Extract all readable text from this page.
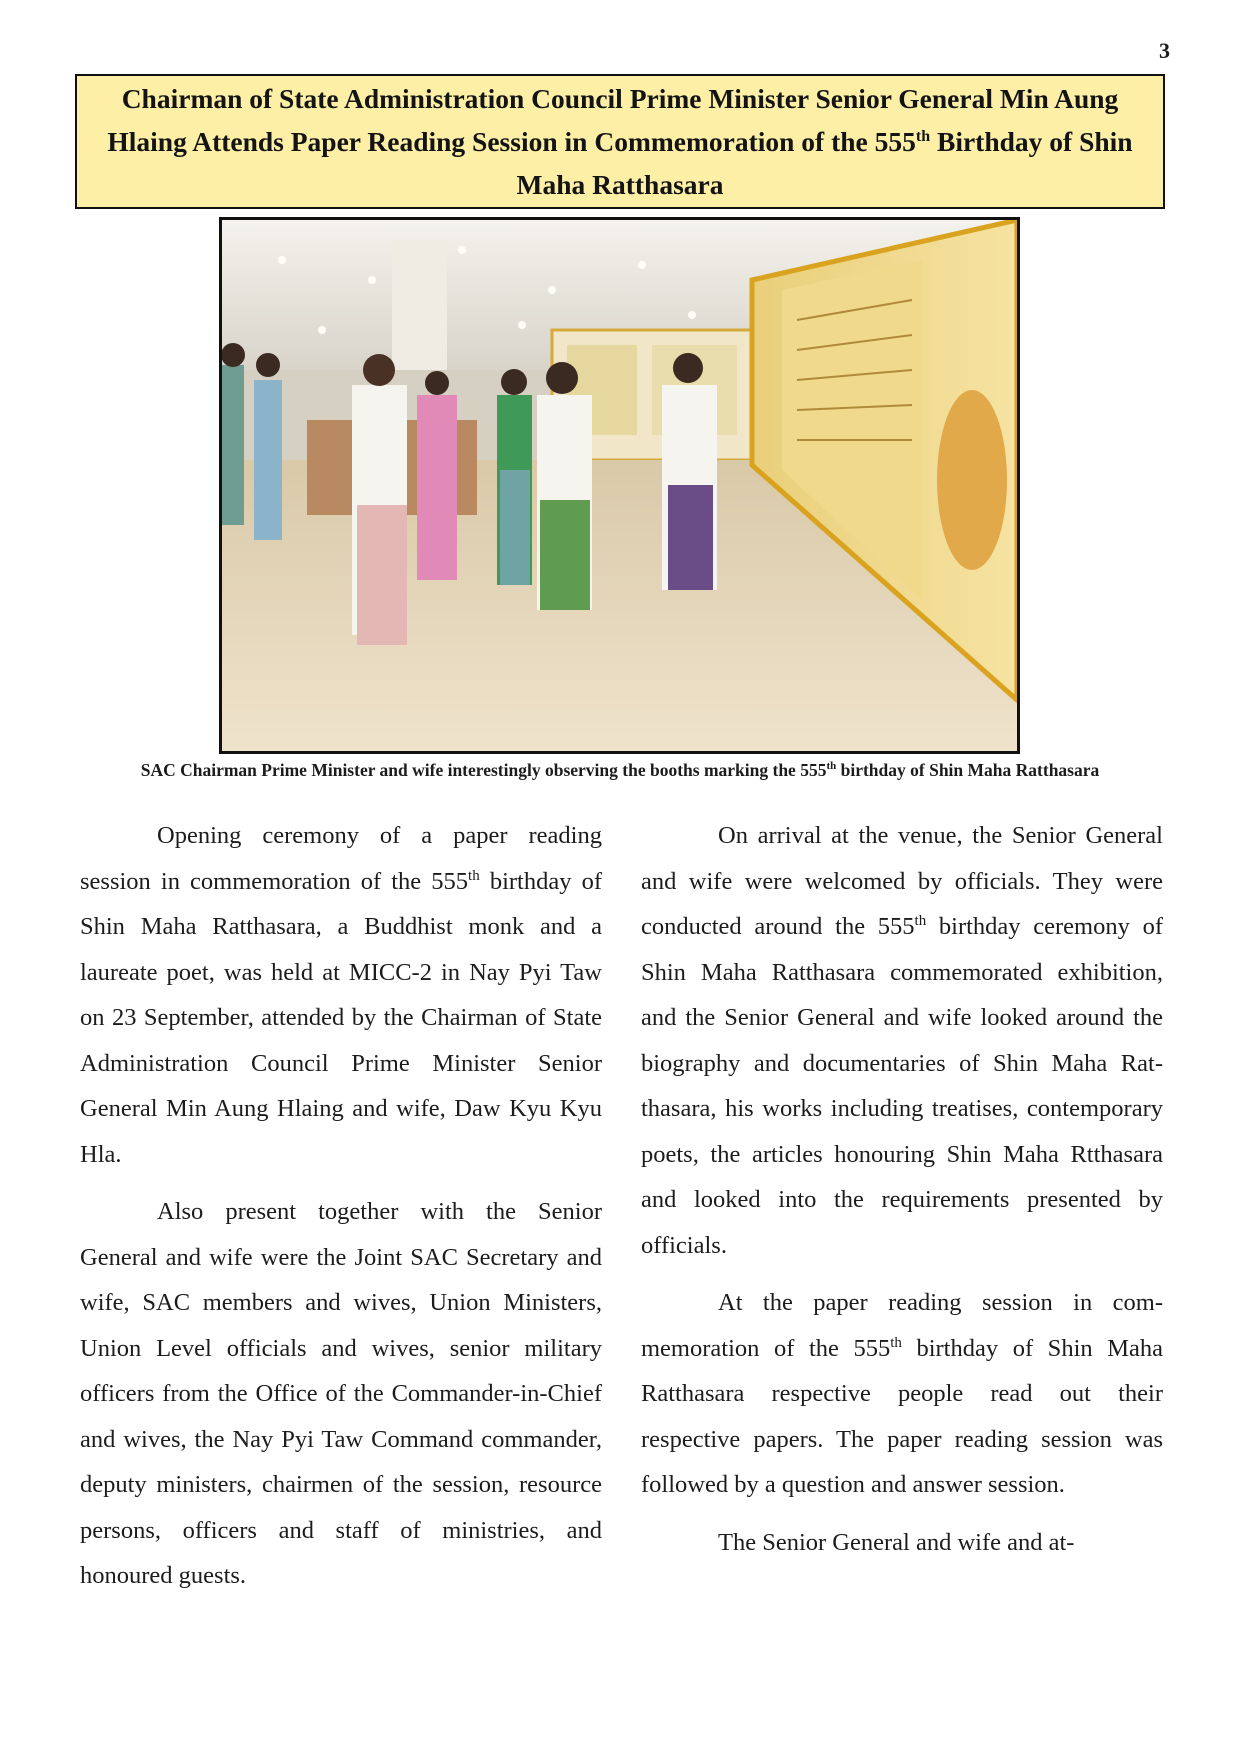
3
Chairman of State Administration Council Prime Minister Senior General Min Aung Hlaing Attends Paper Reading Session in Commemoration of the 555th Birthday of Shin Maha Ratthasara
SAC Chairman Prime Minister and wife interestingly observing the booths marking the 555th birthday of Shin Maha Ratthasara

Opening ceremony of a paper reading session in commemoration of the 555th birthday of Shin Maha Ratthasara, a Buddhist monk and a laureate poet, was held at MICC-2 in Nay Pyi Taw on 23 September, attended by the Chairman of State Administration Council Prime Minister Senior General Min Aung Hlaing and wife, Daw Kyu Kyu Hla.

Also present together with the Senior General and wife were the Joint SAC Secretary and wife, SAC members and wives, Union Ministers, Union Level officials and wives, senior military officers from the Office of the Commander-in-Chief and wives, the Nay Pyi Taw Command commander, deputy ministers, chairmen of the session, resource persons, officers and staff of ministries, and honoured guests.

On arrival at the venue, the Senior General and wife were welcomed by officials. They were conducted around the 555th birthday ceremony of Shin Maha Ratthasara commemorated exhibition, and the Senior General and wife looked around the biography and documentaries of Shin Maha Ratthasara, his works including treatises, contemporary poets, the articles honouring Shin Maha Rtthasara and looked into the requirements presented by officials.

At the paper reading session in commemoration of the 555th birthday of Shin Maha Ratthasara respective people read out their respective papers. The paper reading session was followed by a question and answer session.

The Senior General and wife and at-
